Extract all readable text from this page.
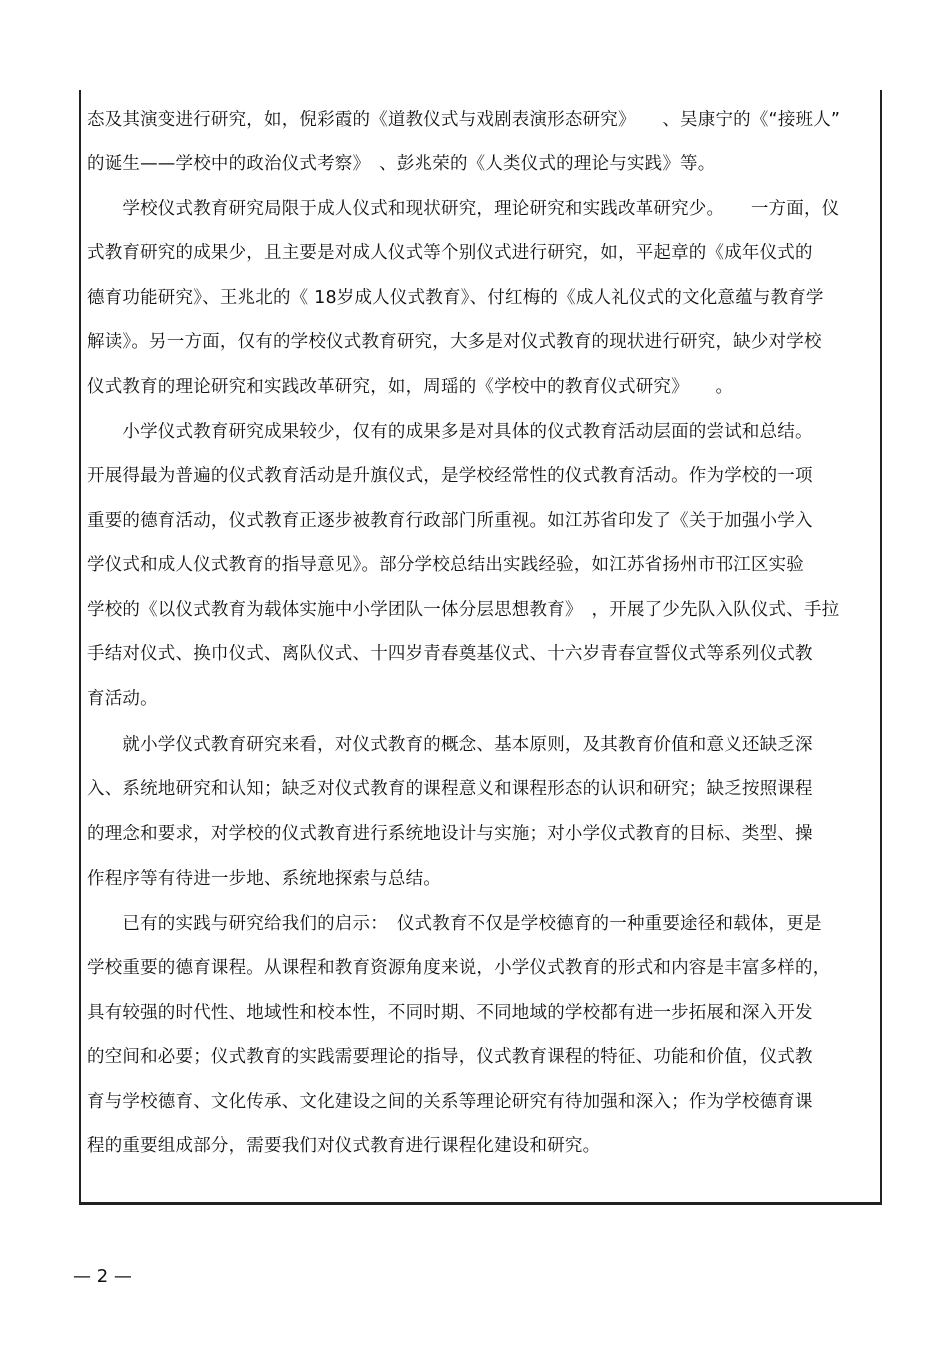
态及其演变进行研究，如，倪彩霞的《道教仪式与戏剧表演形态研究》　　、吴康宁的《“接班人”
的诞生——学校中的政治仪式考察》　、彭兆荣的《人类仪式的理论与实践》等。
　　学校仪式教育研究局限于成人仪式和现状研究，理论研究和实践改革研究少。　　一方面，仪
式教育研究的成果少，且主要是对成人仪式等个别仪式进行研究，如，平起章的《成年仪式的
德育功能研究》、王兆北的《 18岁成人仪式教育》、付红梅的《成人礼仪式的文化意蕴与教育学
解读》。另一方面，仅有的学校仪式教育研究，大多是对仪式教育的现状进行研究，缺少对学校
仪式教育的理论研究和实践改革研究，如，周瑶的《学校中的教育仪式研究》　　。
　　小学仪式教育研究成果较少，仅有的成果多是对具体的仪式教育活动层面的尝试和总结。
开展得最为普遍的仪式教育活动是升旗仪式，是学校经常性的仪式教育活动。作为学校的一项
重要的德育活动，仪式教育正逐步被教育行政部门所重视。如江苏省印发了《关于加强小学入
学仪式和成人仪式教育的指导意见》。部分学校总结出实践经验，如江苏省扬州市邗江区实验
学校的《以仪式教育为载体实施中小学团队一体分层思想教育》　，开展了少先队入队仪式、手拉
手结对仪式、换巾仪式、离队仪式、十四岁青春奠基仪式、十六岁青春宣誓仪式等系列仪式教
育活动。
　　就小学仪式教育研究来看，对仪式教育的概念、基本原则，及其教育价值和意义还缺乏深
入、系统地研究和认知；缺乏对仪式教育的课程意义和课程形态的认识和研究；缺乏按照课程
的理念和要求，对学校的仪式教育进行系统地设计与实施；对小学仪式教育的目标、类型、操
作程序等有待进一步地、系统地探索与总结。
　　已有的实践与研究给我们的启示：　仪式教育不仅是学校德育的一种重要途径和载体，更是
学校重要的德育课程。从课程和教育资源角度来说，小学仪式教育的形式和内容是丰富多样的，
具有较强的时代性、地域性和校本性，不同时期、不同地域的学校都有进一步拓展和深入开发
的空间和必要；仪式教育的实践需要理论的指导，仪式教育课程的特征、功能和价值，仪式教
育与学校德育、文化传承、文化建设之间的关系等理论研究有待加强和深入；作为学校德育课
程的重要组成部分，需要我们对仪式教育进行课程化建设和研究。
— 2 —
